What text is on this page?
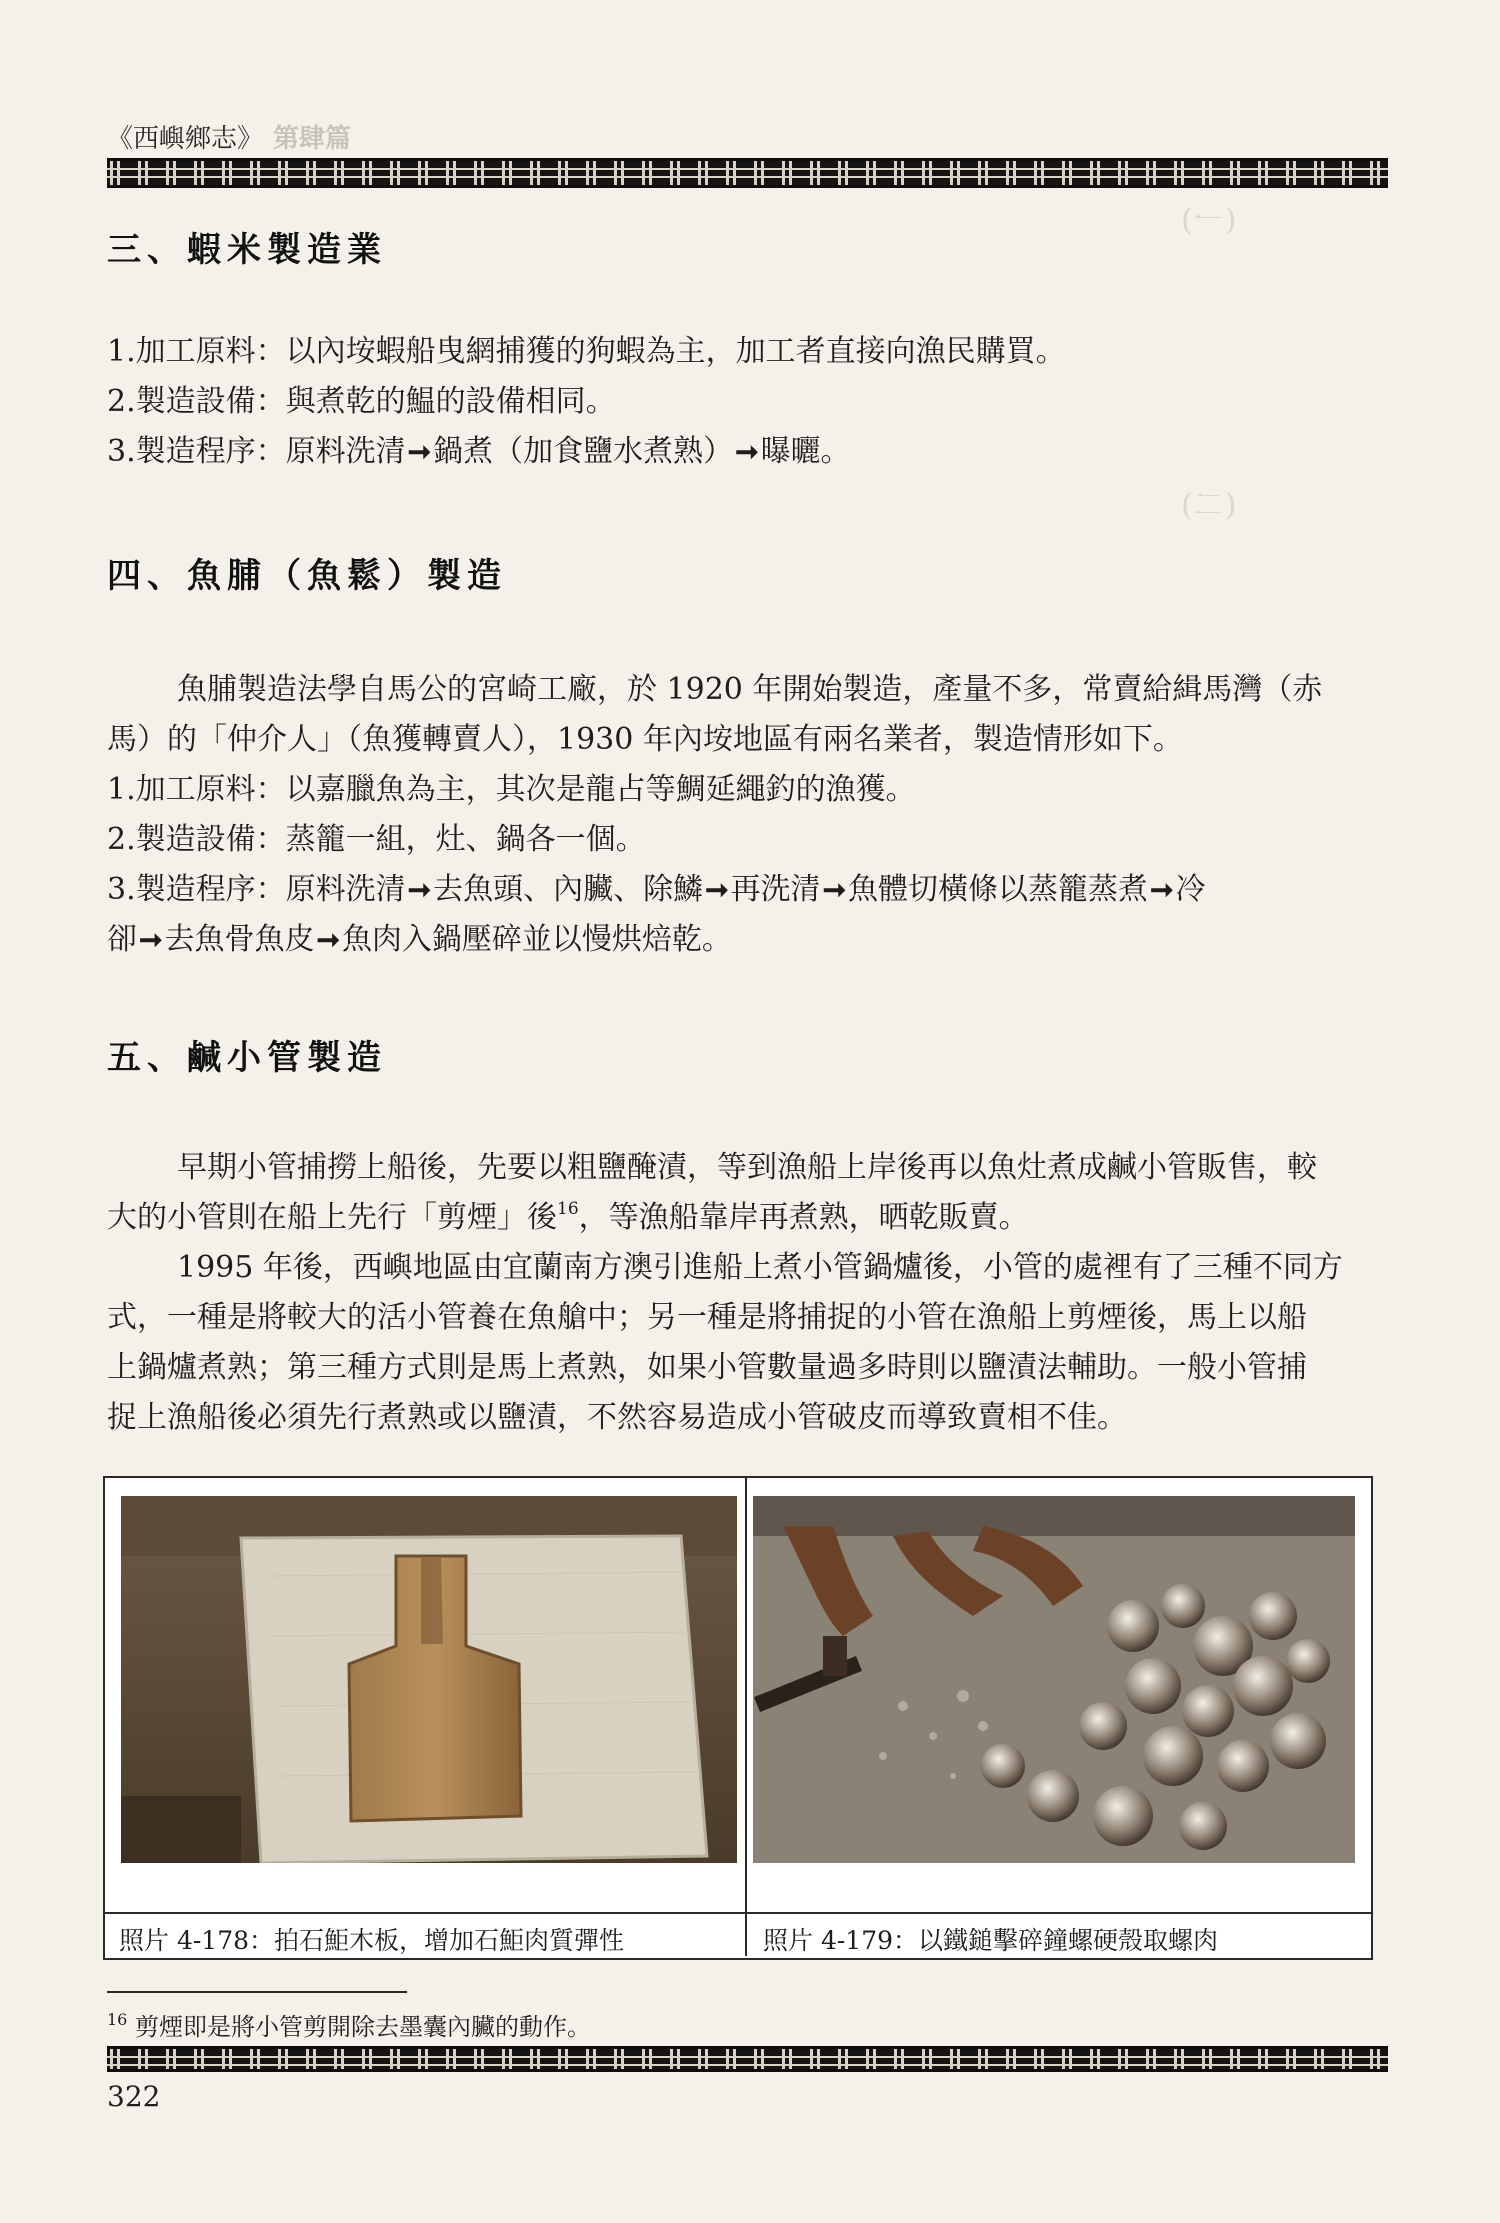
(一)
(二)
《西嶼鄉志》 第肆篇
三、蝦米製造業
1.加工原料：以內垵蝦船曳網捕獲的狗蝦為主，加工者直接向漁民購買。
2.製造設備：與煮乾的鰛的設備相同。
3.製造程序：原料洗清➞鍋煮（加食鹽水煮熟）➞曝曬。
四、魚脯（魚鬆）製造
魚脯製造法學自馬公的宮崎工廠，於 1920 年開始製造，產量不多，常賣給緝馬灣（赤
馬）的「仲介人」（魚獲轉賣人），1930 年內垵地區有兩名業者，製造情形如下。
1.加工原料：以嘉臘魚為主，其次是龍占等鯛延繩釣的漁獲。
2.製造設備：蒸籠一組，灶、鍋各一個。
3.製造程序：原料洗清➞去魚頭、內臟、除鱗➞再洗清➞魚體切橫條以蒸籠蒸煮➞冷
卻➞去魚骨魚皮➞魚肉入鍋壓碎並以慢烘焙乾。
五、鹹小管製造
早期小管捕撈上船後，先要以粗鹽醃漬，等到漁船上岸後再以魚灶煮成鹹小管販售，較
大的小管則在船上先行「剪煙」後$^{16}$，等漁船靠岸再煮熟，晒乾販賣。
1995 年後，西嶼地區由宜蘭南方澳引進船上煮小管鍋爐後，小管的處裡有了三種不同方
式，一種是將較大的活小管養在魚艙中；另一種是將捕捉的小管在漁船上剪煙後，馬上以船
上鍋爐煮熟；第三種方式則是馬上煮熟，如果小管數量過多時則以鹽漬法輔助。一般小管捕
捉上漁船後必須先行煮熟或以鹽漬，不然容易造成小管破皮而導致賣相不佳。
照片 4-178：拍石鮔木板，增加石鮔肉質彈性	照片 4-179：以鐵鎚擊碎鐘螺硬殼取螺肉
$^{16}$ 剪煙即是將小管剪開除去墨囊內臟的動作。
322
